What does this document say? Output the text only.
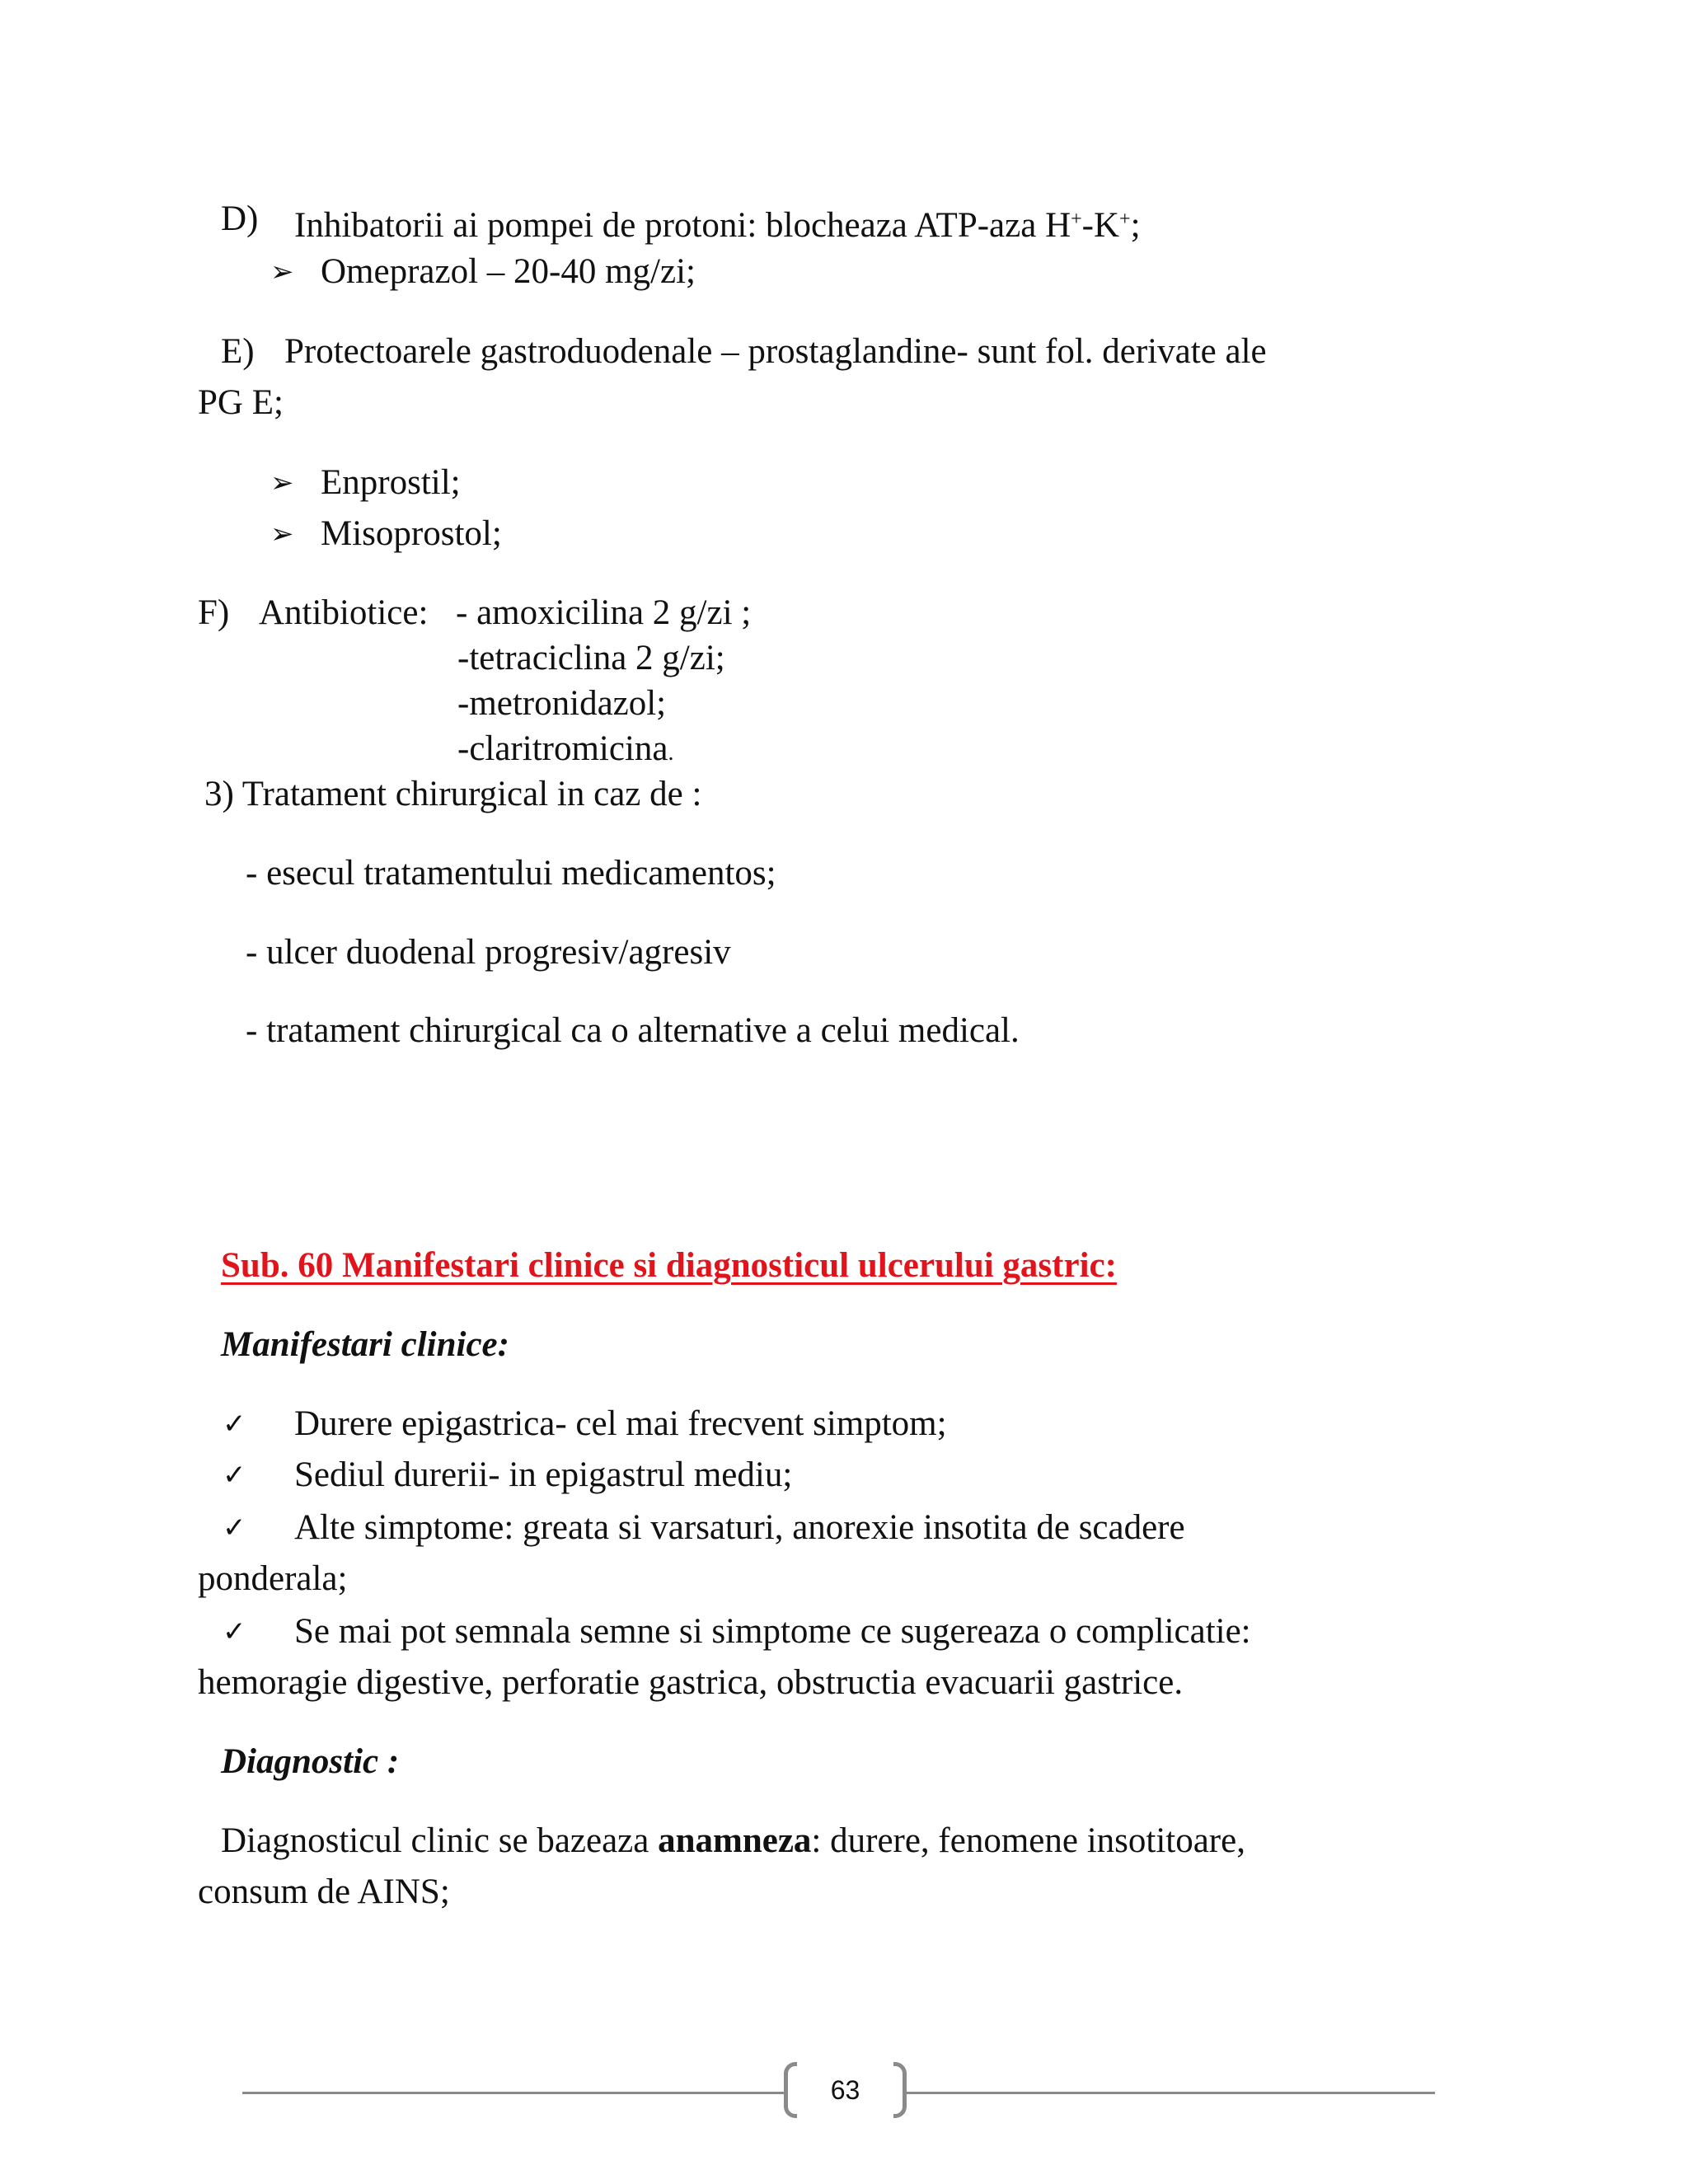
D) Inhibatorii ai pompei de protoni: blocheaza ATP-aza H+-K+;
➢ Omeprazol – 20-40 mg/zi;
E) Protectoarele gastroduodenale – prostaglandine- sunt fol. derivate ale
PG E;
➢ Enprostil;
➢ Misoprostol;
F) Antibiotice: - amoxicilina 2 g/zi ;
-tetraciclina 2 g/zi;
-metronidazol;
-claritromicina.
3) Tratament chirurgical in caz de :
- esecul tratamentului medicamentos;
- ulcer duodenal progresiv/agresiv
- tratament chirurgical ca o alternative a celui medical.
Sub. 60 Manifestari clinice si diagnosticul ulcerului gastric:
Manifestari clinice:
✓ Durere epigastrica- cel mai frecvent simptom;
✓ Sediul durerii- in epigastrul mediu;
✓ Alte simptome: greata si varsaturi, anorexie insotita de scadere
ponderala;
✓ Se mai pot semnala semne si simptome ce sugereaza o complicatie:
hemoragie digestive, perforatie gastrica, obstructia evacuarii gastrice.
Diagnostic :
Diagnosticul clinic se bazeaza anamneza: durere, fenomene insotitoare,
consum de AINS;
63
